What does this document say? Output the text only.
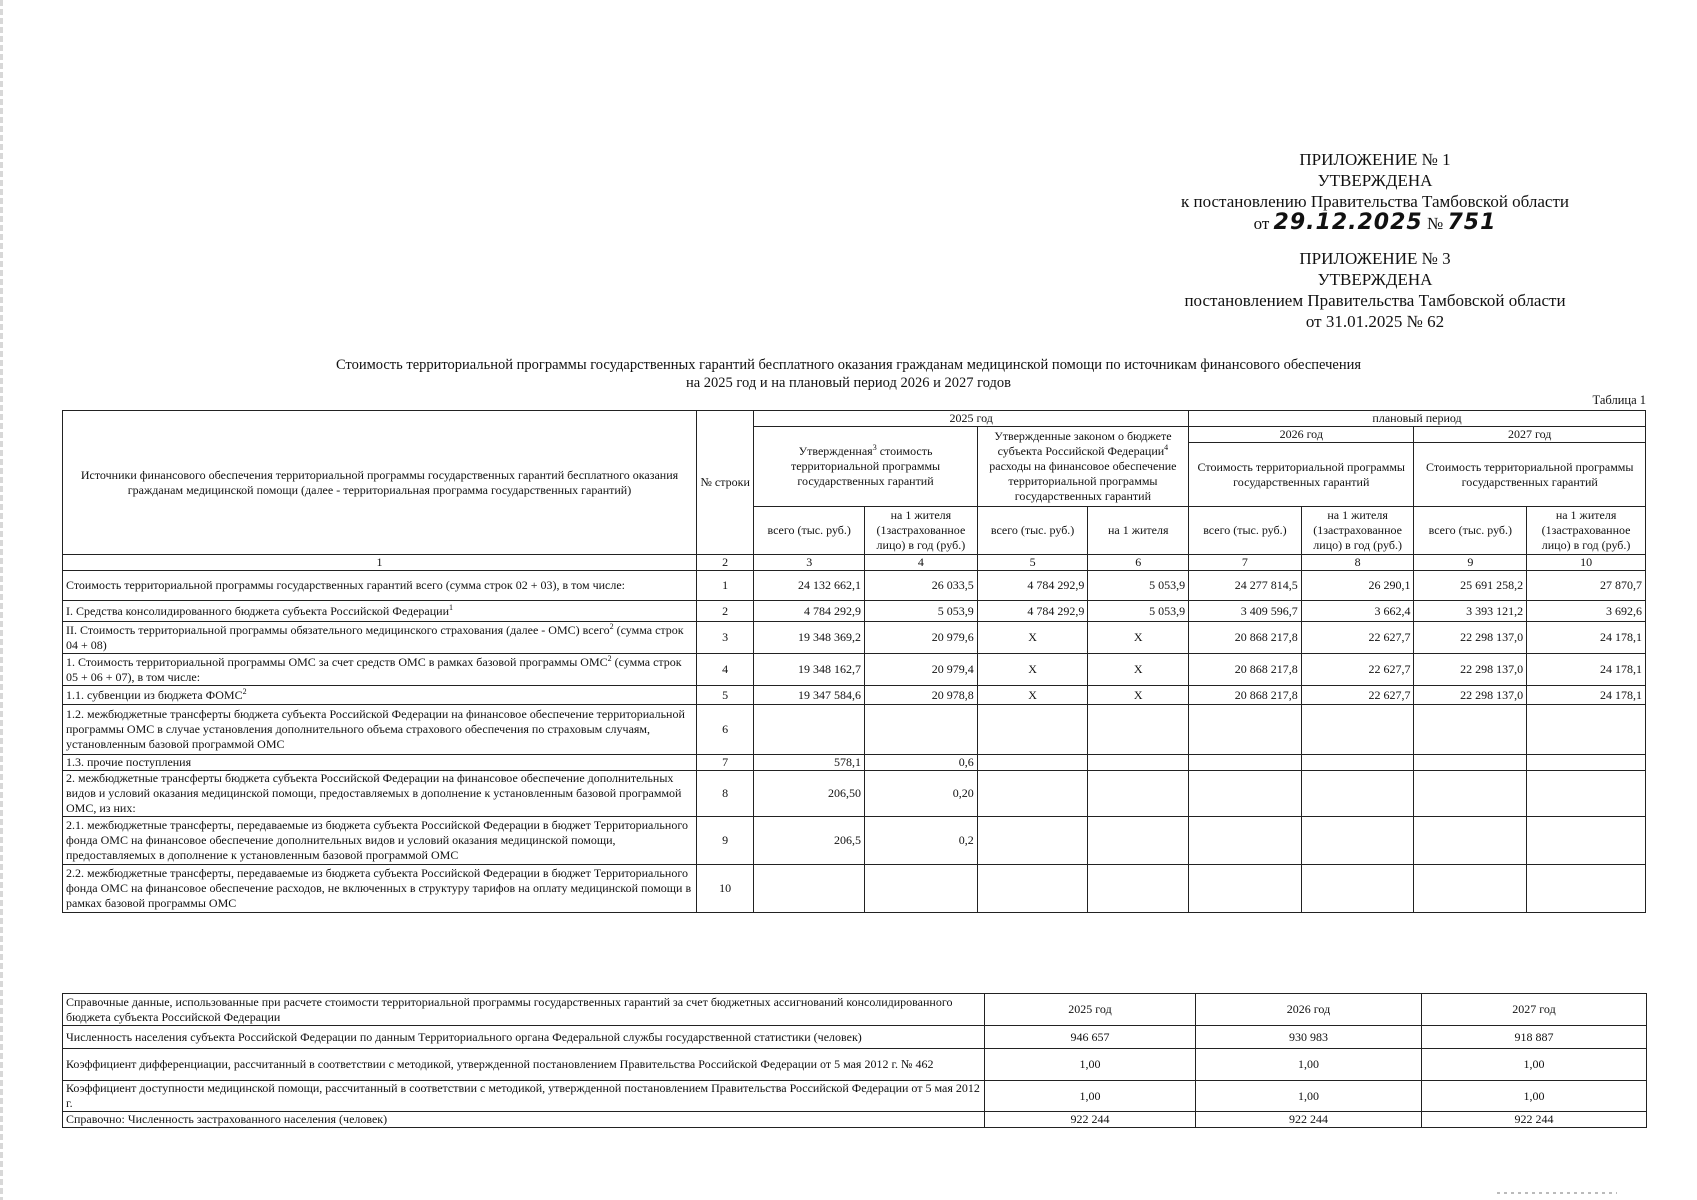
ПРИЛОЖЕНИЕ № 1
УТВЕРЖДЕНА
к постановлению Правительства Тамбовской области
от 29.12.2025 № 751
ПРИЛОЖЕНИЕ № 3
УТВЕРЖДЕНА
постановлением Правительства Тамбовской области
от 31.01.2025 № 62
Стоимость территориальной программы государственных гарантий бесплатного оказания гражданам медицинской помощи по источникам финансового обеспечения
на 2025 год и на плановый период 2026 и 2027 годов
Таблица 1
Источники финансового обеспечения территориальной программы государственных гарантий бесплатного оказания гражданам медицинской помощи (далее - территориальная программа государственных гарантий)	№ строки	2025 год				плановый период			
		Утвержденная$^3$ стоимость территориальной программы государственных гарантий		Утвержденные законом о бюджете субъекта Российской Федерации$^4$ расходы на финансовое обеспечение территориальной программы государственных гарантий		2026 год		2027 год	
						Стоимость территориальной программы государственных гарантий		Стоимость территориальной программы государственных гарантий	
		всего (тыс. руб.)	на 1 жителя (1застрахованное лицо) в год (руб.)	всего (тыс. руб.)	на 1 жителя	всего (тыс. руб.)	на 1 жителя (1застрахованное лицо) в год (руб.)	всего (тыс. руб.)	на 1 жителя (1застрахованное лицо) в год (руб.)
1	2	3	4	5	6	7	8	9	10
Стоимость территориальной программы государственных гарантий всего (сумма строк 02 + 03), в том числе:	1	24 132 662,1	26 033,5	4 784 292,9	5 053,9	24 277 814,5	26 290,1	25 691 258,2	27 870,7
I. Средства консолидированного бюджета субъекта Российской Федерации$^1$	2	4 784 292,9	5 053,9	4 784 292,9	5 053,9	3 409 596,7	3 662,4	3 393 121,2	3 692,6
II. Стоимость территориальной программы обязательного медицинского страхования (далее - ОМС) всего$^2$ (сумма строк 04 + 08)	3	19 348 369,2	20 979,6	Х	Х	20 868 217,8	22 627,7	22 298 137,0	24 178,1
1. Стоимость территориальной программы ОМС за счет средств ОМС в рамках базовой программы ОМС$^2$ (сумма строк 05 + 06 + 07), в том числе:	4	19 348 162,7	20 979,4	Х	Х	20 868 217,8	22 627,7	22 298 137,0	24 178,1
1.1. субвенции из бюджета ФОМС$^2$	5	19 347 584,6	20 978,8	Х	Х	20 868 217,8	22 627,7	22 298 137,0	24 178,1
1.2. межбюджетные трансферты бюджета субъекта Российской Федерации на финансовое обеспечение территориальной программы ОМС в случае установления дополнительного объема страхового обеспечения по страховым случаям, установленным базовой программой ОМС	6								
1.3. прочие поступления	7	578,1	0,6						
2. межбюджетные трансферты бюджета субъекта Российской Федерации на финансовое обеспечение дополнительных видов и условий оказания медицинской помощи, предоставляемых в дополнение к установленным базовой программой ОМС, из них:	8	206,50	0,20						
2.1. межбюджетные трансферты, передаваемые из бюджета субъекта Российской Федерации в бюджет Территориального фонда ОМС на финансовое обеспечение дополнительных видов и условий оказания медицинской помощи, предоставляемых в дополнение к установленным базовой программой ОМС	9	206,5	0,2						
2.2. межбюджетные трансферты, передаваемые из бюджета субъекта Российской Федерации в бюджет Территориального фонда ОМС на финансовое обеспечение расходов, не включенных в структуру тарифов на оплату медицинской помощи в рамках базовой программы ОМС	10								
Справочные данные, использованные при расчете стоимости территориальной программы государственных гарантий за счет бюджетных ассигнований консолидированного бюджета субъекта Российской Федерации	2025 год	2026 год	2027 год
Численность населения субъекта Российской Федерации по данным Территориального органа Федеральной службы государственной статистики (человек)	946 657	930 983	918 887
Коэффициент дифференциации, рассчитанный в соответствии с методикой, утвержденной постановлением Правительства Российской Федерации от 5 мая 2012 г. № 462	1,00	1,00	1,00
Коэффициент доступности медицинской помощи, рассчитанный в соответствии с методикой, утвержденной постановлением Правительства Российской Федерации от 5 мая 2012 г.	1,00	1,00	1,00
Справочно: Численность застрахованного населения (человек)	922 244	922 244	922 244
